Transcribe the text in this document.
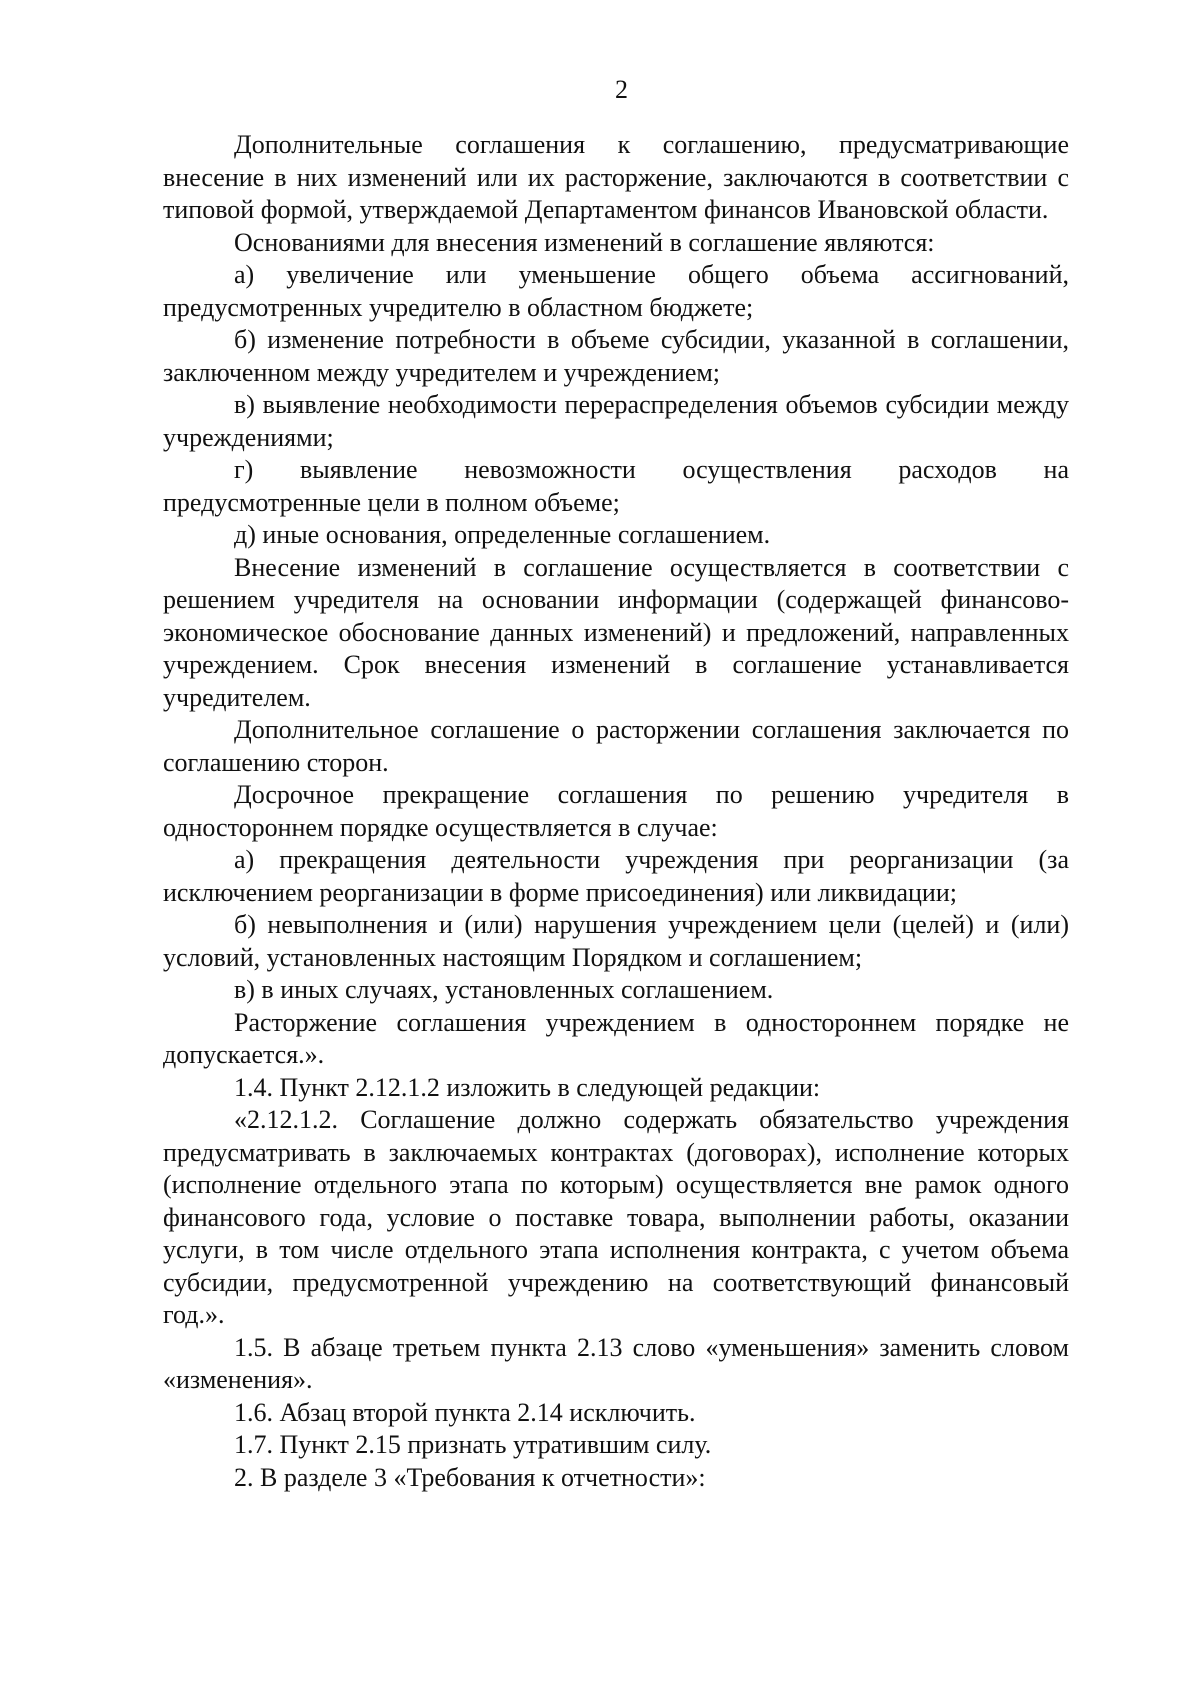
2

Дополнительные соглашения к соглашению, предусматривающие внесение в них изменений или их расторжение, заключаются в соответствии с типовой формой, утверждаемой Департаментом финансов Ивановской области.

Основаниями для внесения изменений в соглашение являются:

а) увеличение или уменьшение общего объема ассигнований, предусмотренных учредителю в областном бюджете;

б) изменение потребности в объеме субсидии, указанной в соглашении, заключенном между учредителем и учреждением;

в) выявление необходимости перераспределения объемов субсидии между учреждениями;

г) выявление невозможности осуществления расходов на предусмотренные цели в полном объеме;

д) иные основания, определенные соглашением.

Внесение изменений в соглашение осуществляется в соответствии с решением учредителя на основании информации (содержащей финансово-экономическое обоснование данных изменений) и предложений, направленных учреждением. Срок внесения изменений в соглашение устанавливается учредителем.

Дополнительное соглашение о расторжении соглашения заключается по соглашению сторон.

Досрочное прекращение соглашения по решению учредителя в одностороннем порядке осуществляется в случае:

а) прекращения деятельности учреждения при реорганизации (за исключением реорганизации в форме присоединения) или ликвидации;

б) невыполнения и (или) нарушения учреждением цели (целей) и (или) условий, установленных настоящим Порядком и соглашением;

в) в иных случаях, установленных соглашением.

Расторжение соглашения учреждением в одностороннем порядке не допускается.».

1.4. Пункт 2.12.1.2 изложить в следующей редакции:

«2.12.1.2. Соглашение должно содержать обязательство учреждения предусматривать в заключаемых контрактах (договорах), исполнение которых (исполнение отдельного этапа по которым) осуществляется вне рамок одного финансового года, условие о поставке товара, выполнении работы, оказании услуги, в том числе отдельного этапа исполнения контракта, с учетом объема субсидии, предусмотренной учреждению на соответствующий финансовый год.».

1.5. В абзаце третьем пункта 2.13 слово «уменьшения» заменить словом «изменения».

1.6. Абзац второй пункта 2.14 исключить.

1.7. Пункт 2.15 признать утратившим силу.

2. В разделе 3 «Требования к отчетности»:
